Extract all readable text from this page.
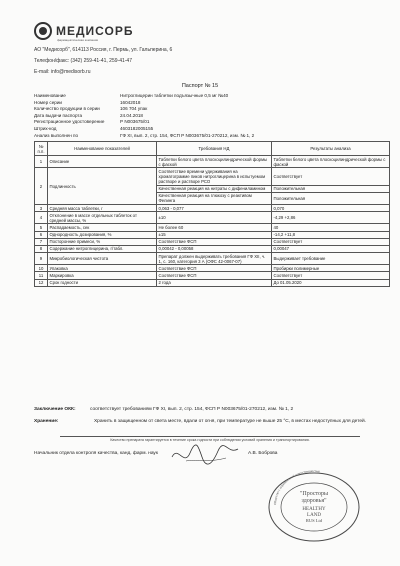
МЕДИСОРБ
фармацевтическая компания
АО "Медисорб", 614113 Россия, г. Пермь, ул. Гальперина, 6
Телефон/факс: (342) 259-41-41, 259-41-47
E-mail: info@medisorb.ru
Паспорт № 15
Наименование	Нитроглицерин таблетки подъязычные 0,5 мг №40
Номер серии	16042018
Количество продукции в серии	106 704 упак
Дата выдачи паспорта	24.04.2018
Регистрационное удостоверение	Р N003675/01
Штрих-код	4603182005155
Анализ выполнен по	ГФ XI, вып. 2, стр. 154, ФСП Р N003675/01-270212, изм. № 1, 2
№ п.п.	Наименование показателей	Требования НД	Результаты анализа
1	Описание	Таблетки белого цвета плоскоцилиндрической формы с фаской	Таблетки белого цвета плоскоцилиндрической формы с фаской
2	Подлинность	Соответствие времени удерживания на хроматограмме пиков нитроглицерина в испытуемом растворе и растворе РСО	Соответствует
		Качественная реакция на нитраты с дифениламином	Положительная
		Качественная реакция на глюкозу с реактивом Фелинга	Положительная
3	Средняя масса таблетки, г	0,063 - 0,077	0,070
4	Отклонение в массе отдельных таблеток от средней массы, %	±10	-4,29 +2,86
5	Распадаемость, сек	Не более 60	40
6	Однородность дозирования, %	±15	-14,2 +11,8
7	Посторонние примеси, %	Соответствие ФСП	Соответствует
8	Содержание нитроглицерина, г/табл.	0,00042 - 0,00058	0,00047
9	Микробиологическая чистота	Препарат должен выдерживать требования ГФ XII, ч. 1, с. 160, категория 3 А (ОФС 42-0067-07)	Выдерживает требование
10	Упаковка	Соответствие ФСП	Пробирки полимерные
11	Маркировка	Соответствие ФСП	Соответствует
12	Срок годности	2 года	До 01.05.2020
Заключение ОКК:	соответствует требованиям ГФ XI, вып. 2, стр. 154, ФСП Р N003675/01-270212, изм. № 1, 2
Хранение:	Хранить в защищенном от света месте, вдали от огня, при температуре не выше 25 °С, в местах недоступных для детей.
Качество препарата гарантируется в течение срока годности при соблюдении условий хранения и транспортирования.
Начальник отдела контроля качества, канд. фарм. наук	А.В. Боброва
Общество с ограниченной ответственностью
"Просторы
здоровья"
HEALTHY
LAND
RUS Ltd
